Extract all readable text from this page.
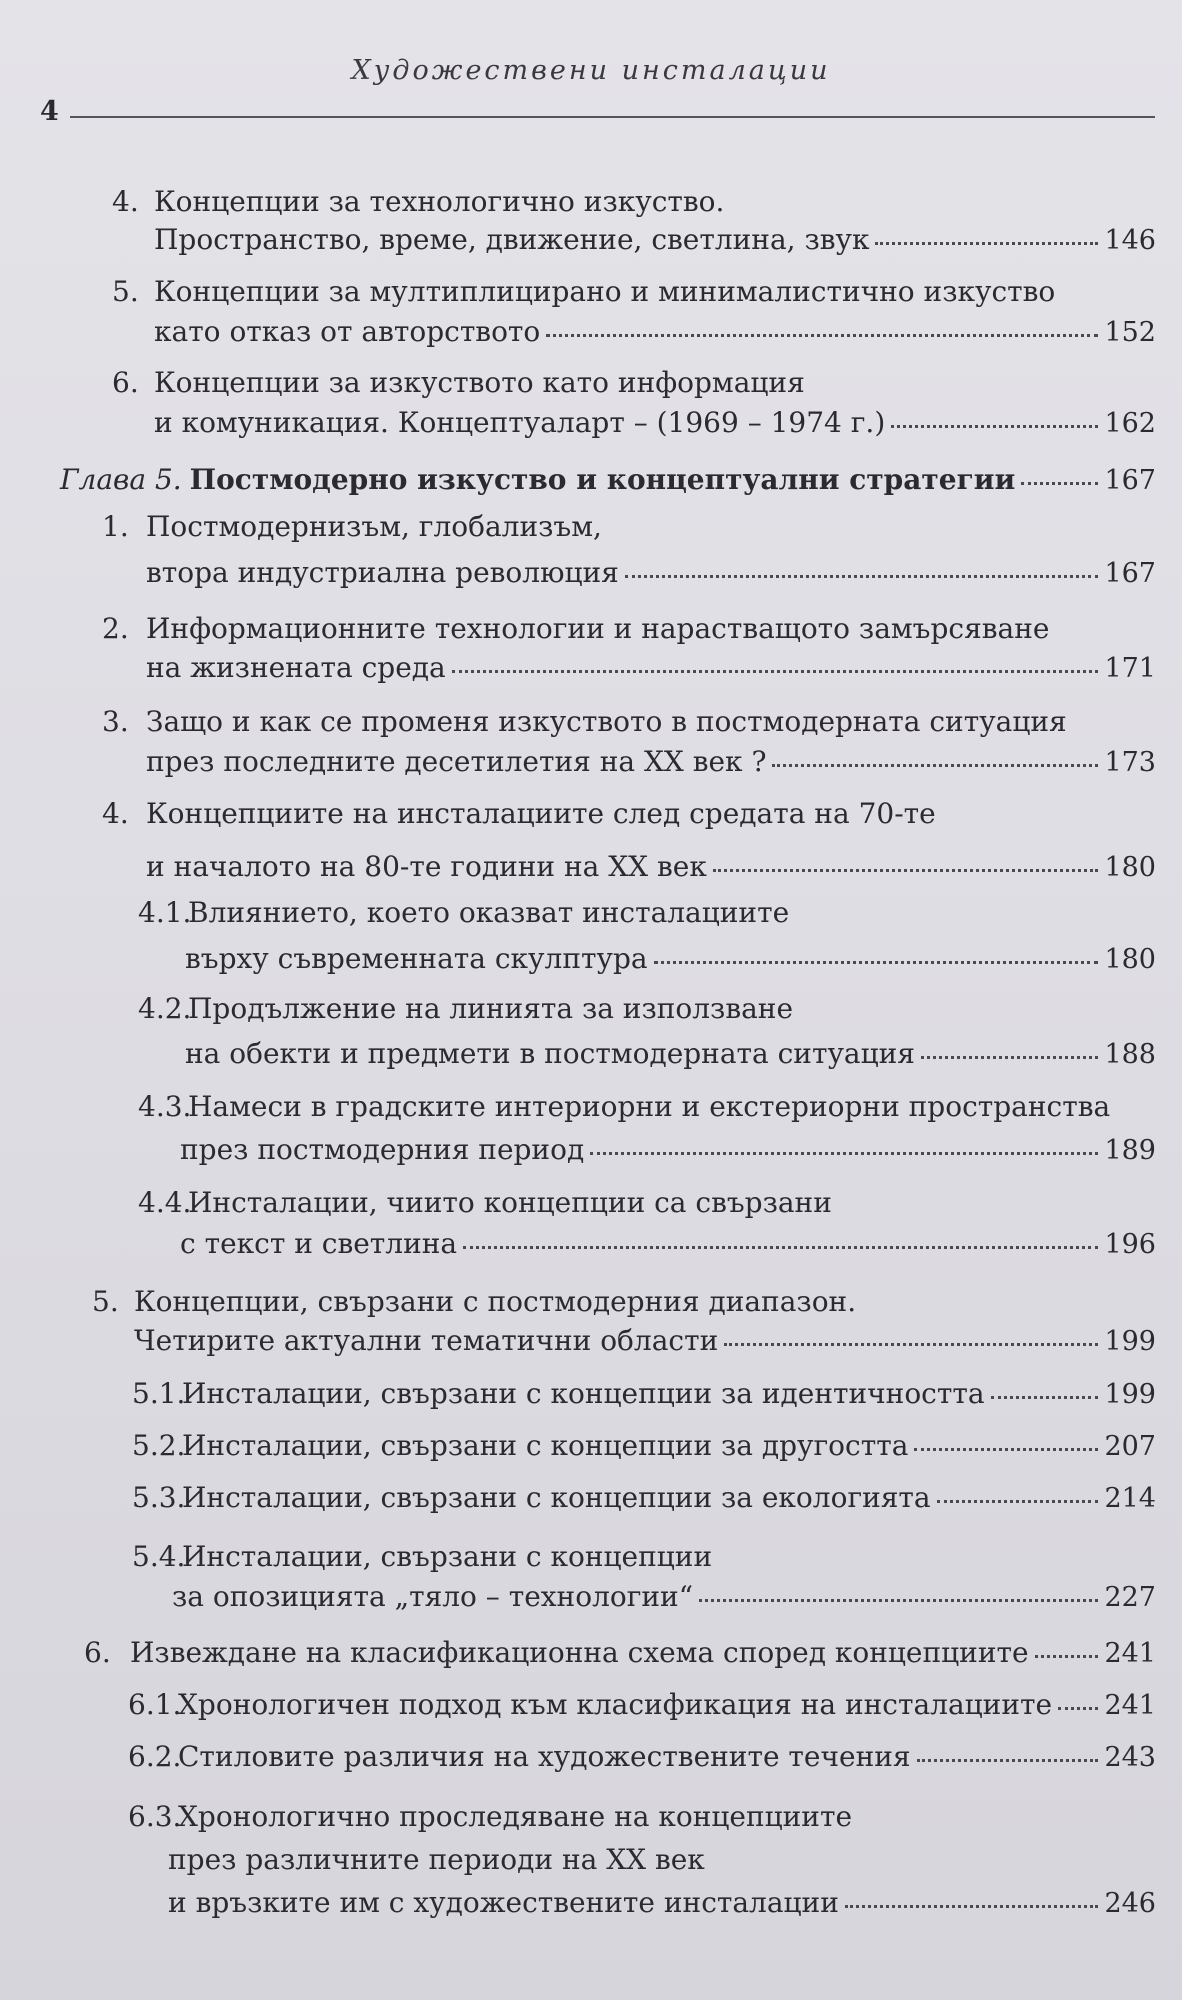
Художествени инсталации
4
4. Концепции за технологично изкуство.
Пространство, време, движение, светлина, звук	146
5. Концепции за мултиплицирано и минималистично изкуство
като отказ от авторството	152
6. Концепции за изкуството като информация
и комуникация. Концептуаларт – (1969 – 1974 г.)	162
Глава 5. Постмодерно изкуство и концептуални стратегии	167
1. Постмодернизъм, глобализъм,
втора индустриална революция	167
2. Информационните технологии и нарастващото замърсяване
на жизнената среда	171
3. Защо и как се променя изкуството в постмодерната ситуация
през последните десетилетия на XX век ?	173
4. Концепциите на инсталациите след средата на 70-те
и началото на 80-те години на XX век	180
4.1.Влиянието, което оказват инсталациите
върху съвременната скулптура	180
4.2.Продължение на линията за използване
на обекти и предмети в постмодерната ситуация	188
4.3.Намеси в градските интериорни и екстериорни пространства
през постмодерния период	189
4.4.Инсталации, чиито концепции са свързани
с текст и светлина	196
5. Концепции, свързани с постмодерния диапазон.
Четирите актуални тематични области	199
5.1.
Инсталации, свързани с концепции за идентичността	199
5.2.
Инсталации, свързани с концепции за другостта	207
5.3.
Инсталации, свързани с концепции за екологията	214
5.4.Инсталации, свързани с концепции
за опозицията „тяло – технологии“	227
6. Извеждане на класификационна схема според концепциите	241
6.1.
Хронологичен подход към класификация на инсталациите 241
6.2.
Стиловите различия на художествените течения	243
6.3.Хронологично проследяване на концепциите
през различните периоди на XX век
и връзките им с художествените инсталации	246
